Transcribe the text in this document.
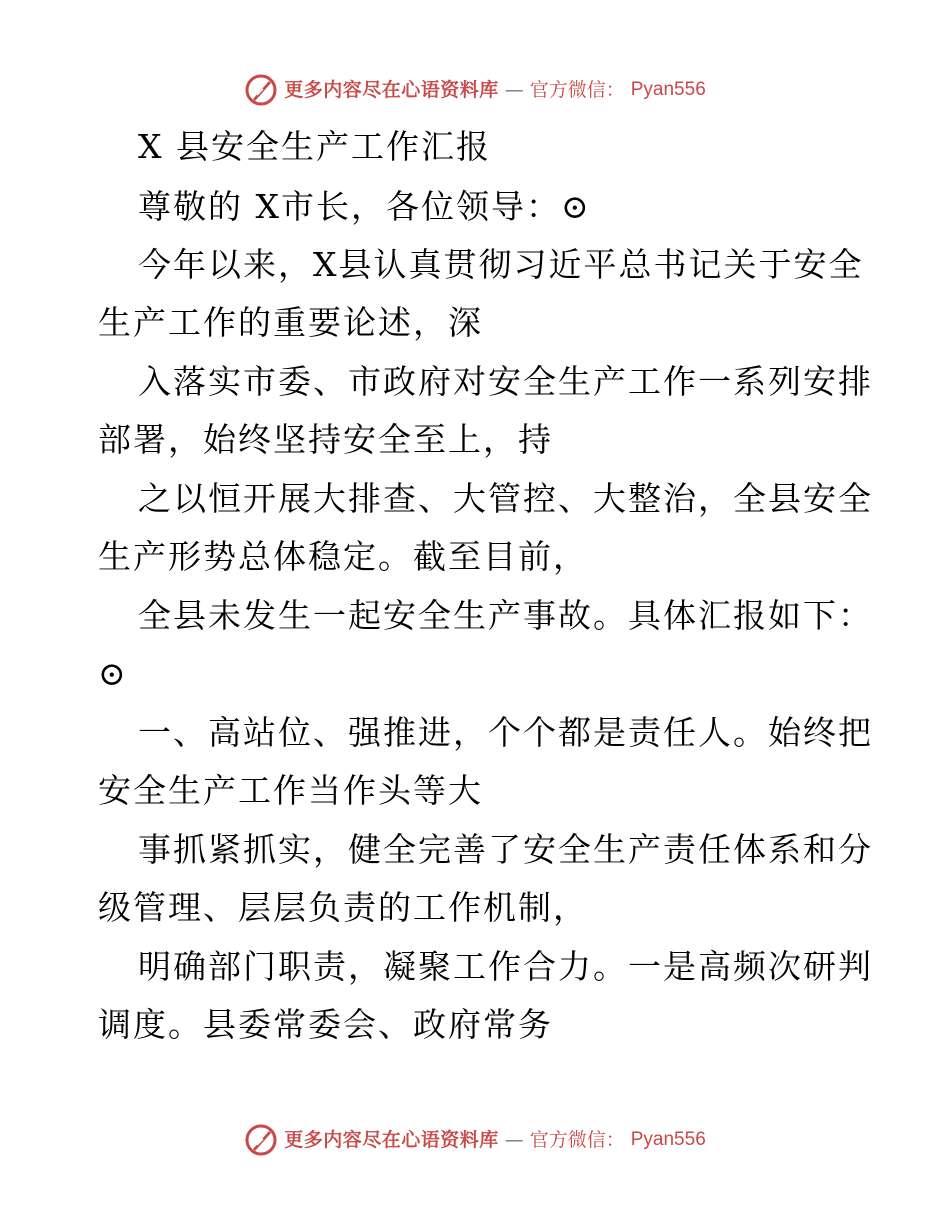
更多内容尽在心语资料库 — 官方微信： Pyan556
X 县安全生产工作汇报
尊敬的 X市长，各位领导：⊙
今年以来，X县认真贯彻习近平总书记关于安全
生产工作的重要论述，深
入落实市委、市政府对安全生产工作一系列安排
部署，始终坚持安全至上，持
之以恒开展大排查、大管控、大整治，全县安全
生产形势总体稳定。截至目前，
全县未发生一起安全生产事故。具体汇报如下：
⊙
一、高站位、强推进，个个都是责任人。始终把
安全生产工作当作头等大
事抓紧抓实，健全完善了安全生产责任体系和分
级管理、层层负责的工作机制，
明确部门职责，凝聚工作合力。一是高频次研判
调度。县委常委会、政府常务
更多内容尽在心语资料库 — 官方微信： Pyan556
